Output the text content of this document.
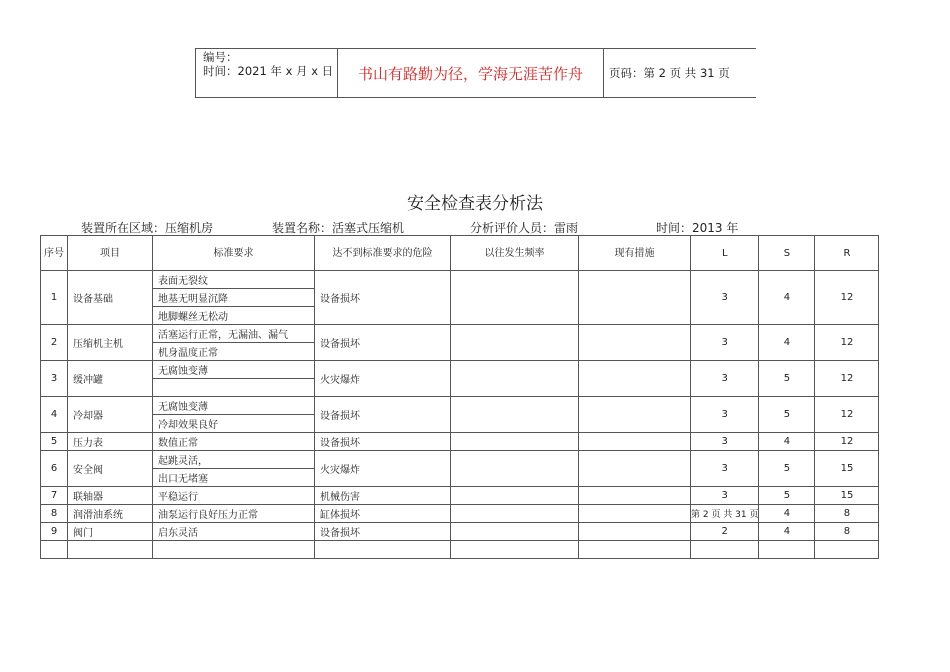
编号：
时间：2021 年 x 月 x 日	书山有路勤为径，学海无涯苦作舟	页码：第 2 页 共 31 页
安全检查表分析法
装置所在区域：压缩机房	装置名称：活塞式压缩机	分析评价人员：雷雨	时间：2013 年
序号	项目	标准要求	达不到标准要求的危险	以往发生频率	现有措施	L	S	R
1	设备基础	表面无裂纹	设备损坏			3	4	12
		地基无明显沉降						
		地脚螺丝无松动						
2	压缩机主机	活塞运行正常，无漏油、漏气	设备损坏			3	4	12
		机身温度正常						
3	缓冲罐	无腐蚀变薄	火灾爆炸			3	5	12

4	冷却器	无腐蚀变薄	设备损坏			3	5	12
		冷却效果良好						
5	压力表	数值正常	设备损坏			3	4	12
6	安全阀	起跳灵活，	火灾爆炸			3	5	15
		出口无堵塞						
7	联轴器	平稳运行	机械伤害			3	5	15
8	润滑油系统	油泵运行良好压力正常	缸体损坏			第 2 页 共 31 页	4	8
9	阀门	启东灵活	设备损坏			2	4	8
